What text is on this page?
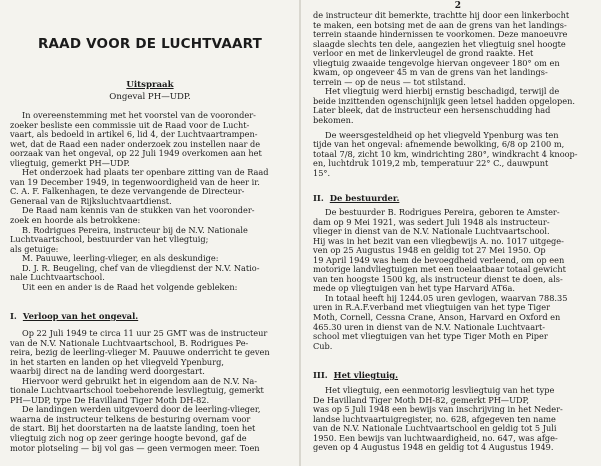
RAAD VOOR DE LUCHTVAART
Uitspraak
Ongeval PH—UDP.
In overeenstemming met het voorstel van de vooronder-
zoeker besliste een commissie uit de Raad voor de Lucht-
vaart, als bedoeld in artikel 6, lid 4, der Luchtvaartrampen-
wet, dat de Raad een nader onderzoek zou instellen naar de
oorzaak van het ongeval, op 22 Juli 1949 overkomen aan het
vliegtuig, gemerkt PH—UDP.
Het onderzoek had plaats ter openbare zitting van de Raad
van 19 December 1949, in tegenwoordigheid van de heer ir.
C. A. F. Falkenhagen, te deze vervangende de Directeur-
Generaal van de Rijksluchtvaartdienst.
De Raad nam kennis van de stukken van het vooronder-
zoek en hoorde als betrokkene:
B. Rodrigues Pereira, instructeur bij de N.V. Nationale
Luchtvaartschool, bestuurder van het vliegtuig;
als getuige:
M. Pauuwe, leerling-vlieger, en als deskundige:
D. J. R. Beugeling, chef van de vliegdienst der N.V. Natio-
nale Luchtvaartschool.
Uit een en ander is de Raad het volgende gebleken:
I. Verloop van het ongeval.
Op 22 Juli 1949 te circa 11 uur 25 GMT was de instructeur
van de N.V. Nationale Luchtvaartschool, B. Rodrigues Pe-
reira, bezig de leerling-vlieger M. Pauuwe onderricht te geven
in het starten en landen op het vliegveld Ypenburg,
waarbij direct na de landing werd doorgestart.
Hiervoor werd gebruikt het in eigendom aan de N.V. Na-
tionale Luchtvaartschool toebehorende lesvliegtuig, gemerkt
PH—UDP, type De Havilland Tiger Moth DH-82.
De landingen werden uitgevoerd door de leerling-vlieger,
waarna de instructeur telkens de besturing overnam voor
de start. Bij het doorstarten na de laatste landing, toen het
vliegtuig zich nog op zeer geringe hoogte bevond, gaf de
motor plotseling — bij vol gas — geen vermogen meer. Toen
2
de instructeur dit bemerkte, trachtte hij door een linkerbocht
te maken, een botsing met de aan de grens van het landings-
terrein staande hindernissen te voorkomen. Deze manoeuvre
slaagde slechts ten dele, aangezien het vliegtuig snel hoogte
verloor en met de linkervleugel de grond raakte. Het
vliegtuig zwaaide tengevolge hiervan ongeveer 180° om en
kwam, op ongeveer 45 m van de grens van het landings-
terrein — op de neus — tot stilstand.
Het vliegtuig werd hierbij ernstig beschadigd, terwijl de
beide inzittenden ogenschijnlijk geen letsel hadden opgelopen.
Later bleek, dat de instructeur een hersenschudding had
bekomen.
De weersgesteldheid op het vliegveld Ypenburg was ten
tijde van het ongeval: afnemende bewolking, 6/8 op 2100 m,
totaal 7/8, zicht 10 km, windrichting 280°, windkracht 4 knoop-
en, luchtdruk 1019,2 mb, temperatuur 22° C., dauwpunt
15°.
II. De bestuurder.
De bestuurder B. Rodrigues Pereira, geboren te Amster-
dam op 9 Mei 1921, was sedert Juli 1948 als instructeur-
vlieger in dienst van de N.V. Nationale Luchtvaartschool.
Hij was in het bezit van een vliegbewijs A. no. 1017 uitgege-
ven op 25 Augustus 1948 en geldig tot 27 Mei 1950. Op
19 April 1949 was hem de bevoegdheid verleend, om op een
motorige landvliegtuigen met een toelaatbaar totaal gewicht
van ten hoogste 1500 kg, als instructeur dienst te doen, als-
mede op vliegtuigen van het type Harvard AT6a.
In totaal heeft hij 1244.05 uren gevlogen, waarvan 788.35
uren in R.A.F.verband met vliegtuigen van het type Tiger
Moth, Cornell, Cessna Crane, Anson, Harvard en Oxford en
465.30 uren in dienst van de N.V. Nationale Luchtvaart-
school met vliegtuigen van het type Tiger Moth en Piper
Cub.
III. Het vliegtuig.
Het vliegtuig, een eenmotorig lesvliegtuig van het type
De Havilland Tiger Moth DH-82, gemerkt PH—UDP,
was op 5 Juli 1948 een bewijs van inschrijving in het Neder-
landse luchtvaartuigregister, no. 628, afgegeven ten name
van de N.V. Nationale Luchtvaartschool en geldig tot 5 Juli
1950. Een bewijs van luchtwaardigheid, no. 647, was afge-
geven op 4 Augustus 1948 en geldig tot 4 Augustus 1949.
